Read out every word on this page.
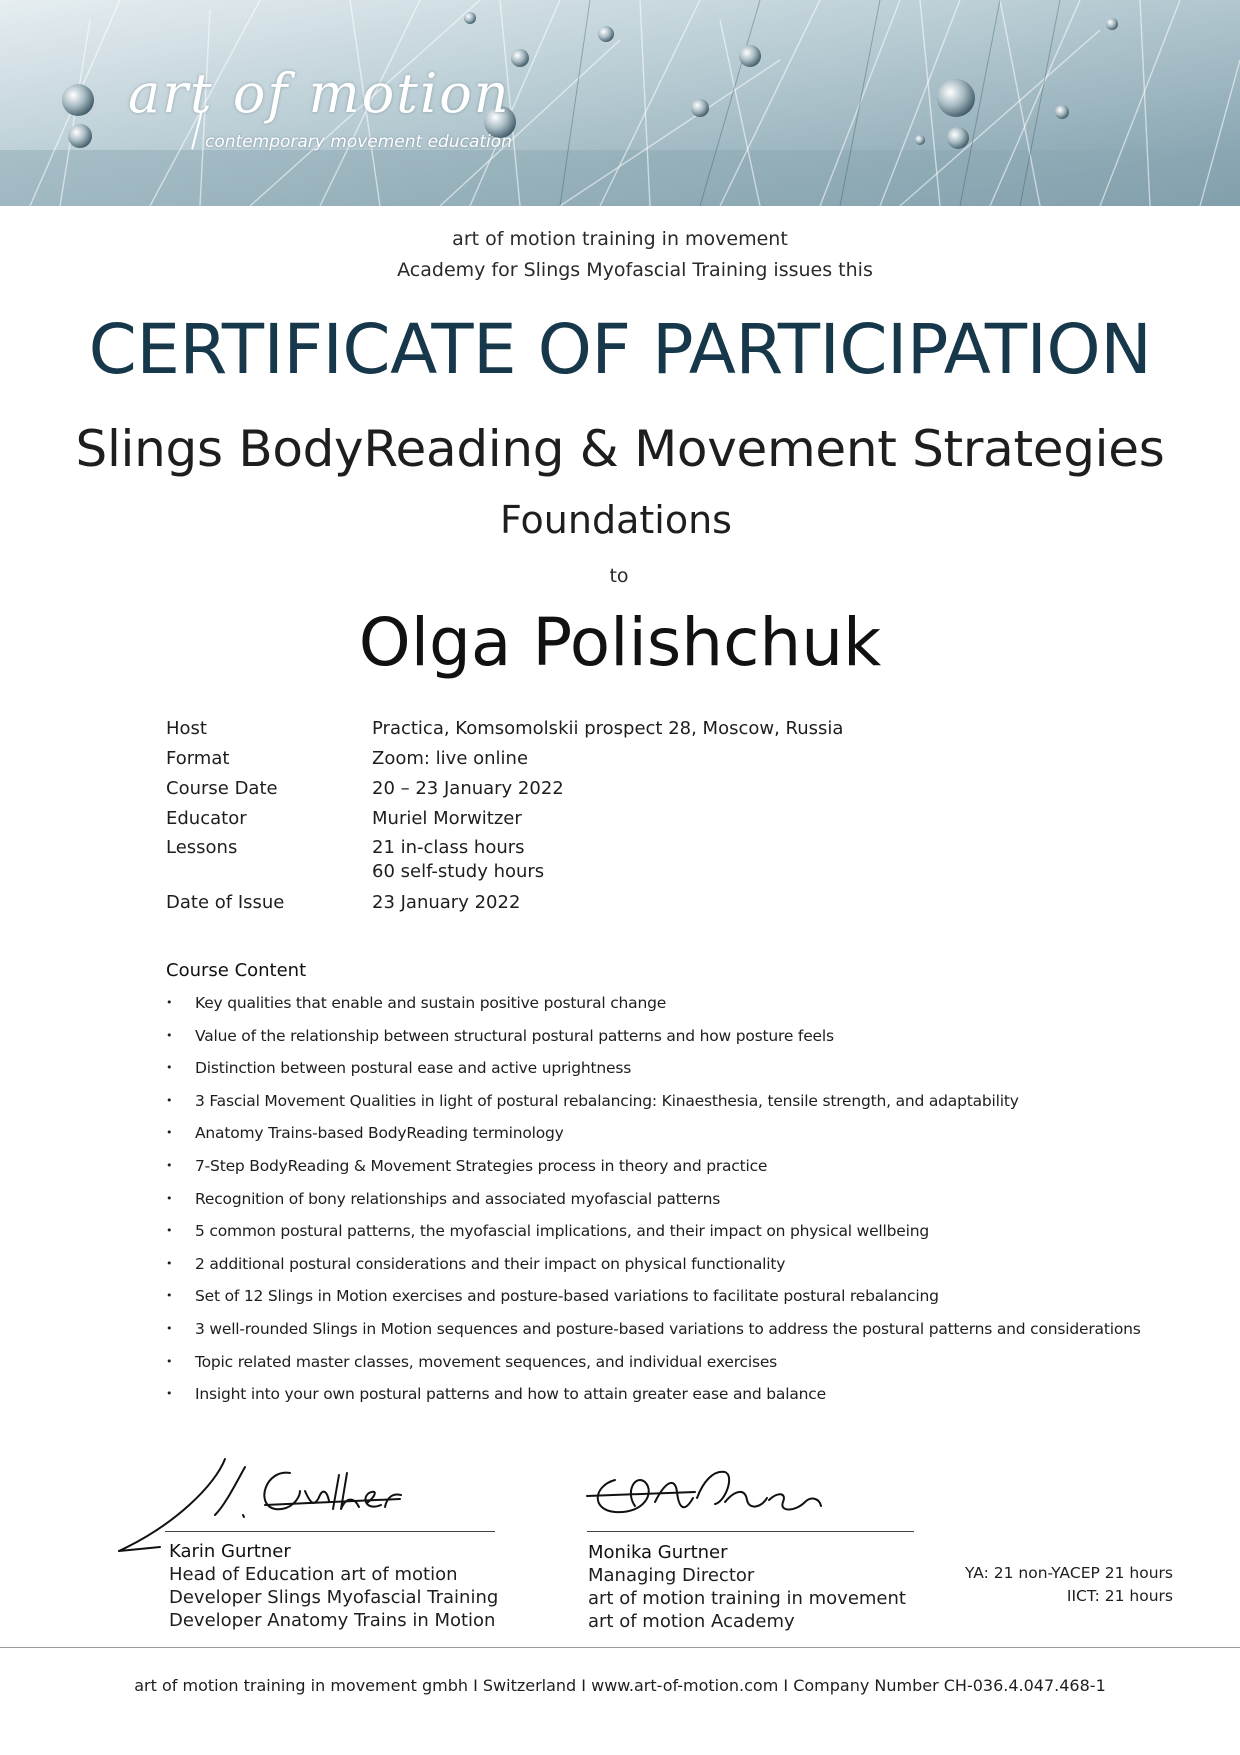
art of motion
contemporary movement education
art of motion training in movement
Academy for Slings Myofascial Training issues this
CERTIFICATE OF PARTICIPATION
Slings BodyReading & Movement Strategies
Foundations
to
Olga Polishchuk
Host	Practica, Komsomolskii prospect 28, Moscow, Russia
Format	Zoom: live online
Course Date	20 – 23 January 2022
Educator	Muriel Morwitzer
Lessons	21 in-class hours
60 self-study hours
Date of Issue	23 January 2022
Course Content
• Key qualities that enable and sustain positive postural change
• Value of the relationship between structural postural patterns and how posture feels
• Distinction between postural ease and active uprightness
• 3 Fascial Movement Qualities in light of postural rebalancing: Kinaesthesia, tensile strength, and adaptability
• Anatomy Trains-based BodyReading terminology
• 7-Step BodyReading & Movement Strategies process in theory and practice
• Recognition of bony relationships and associated myofascial patterns
• 5 common postural patterns, the myofascial implications, and their impact on physical wellbeing
• 2 additional postural considerations and their impact on physical functionality
• Set of 12 Slings in Motion exercises and posture-based variations to facilitate postural rebalancing
• 3 well-rounded Slings in Motion sequences and posture-based variations to address the postural patterns and considerations
• Topic related master classes, movement sequences, and individual exercises
• Insight into your own postural patterns and how to attain greater ease and balance
Karin Gurtner
Head of Education art of motion
Developer Slings Myofascial Training
Developer Anatomy Trains in Motion
Monika Gurtner
Managing Director
art of motion training in movement
art of motion Academy
YA: 21 non-YACEP 21 hours
IICT: 21 hours
art of motion training in movement gmbh I Switzerland I www.art-of-motion.com I Company Number CH-036.4.047.468-1
